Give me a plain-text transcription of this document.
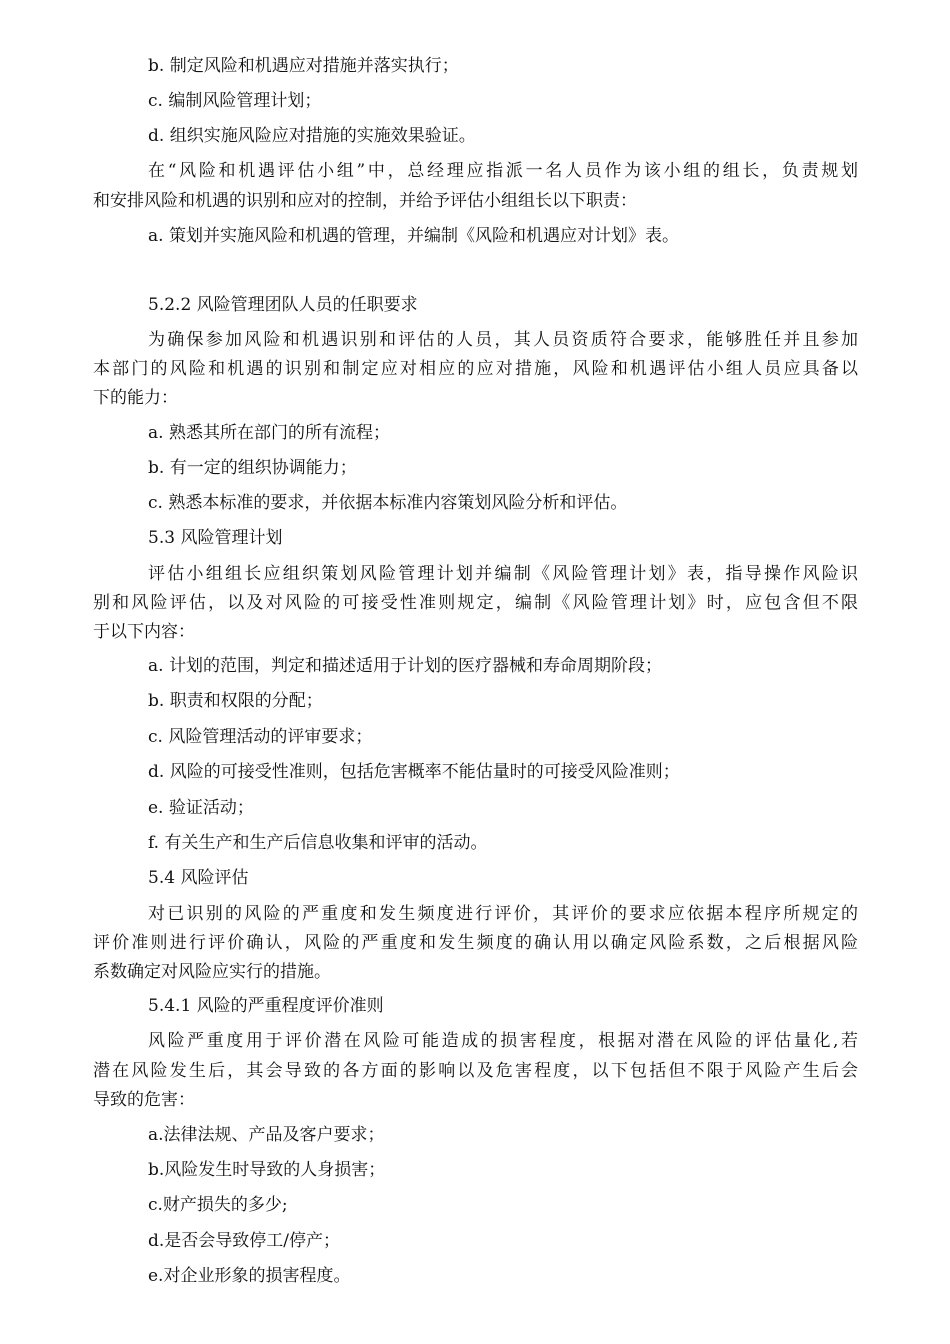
b. 制定风险和机遇应对措施并落实执行；
c. 编制风险管理计划；
d. 组织实施风险应对措施的实施效果验证。
在“风险和机遇评估小组”中，总经理应指派一名人员作为该小组的组长，负责规划
和安排风险和机遇的识别和应对的控制，并给予评估小组组长以下职责：
a. 策划并实施风险和机遇的管理，并编制《风险和机遇应对计划》表。
5.2.2 风险管理团队人员的任职要求
为确保参加风险和机遇识别和评估的人员，其人员资质符合要求，能够胜任并且参加
本部门的风险和机遇的识别和制定应对相应的应对措施，风险和机遇评估小组人员应具备以
下的能力：
a. 熟悉其所在部门的所有流程；
b. 有一定的组织协调能力；
c. 熟悉本标准的要求，并依据本标准内容策划风险分析和评估。
5.3 风险管理计划
评估小组组长应组织策划风险管理计划并编制《风险管理计划》表，指导操作风险识
别和风险评估，以及对风险的可接受性准则规定，编制《风险管理计划》时，应包含但不限
于以下内容：
a. 计划的范围，判定和描述适用于计划的医疗器械和寿命周期阶段；
b. 职责和权限的分配；
c. 风险管理活动的评审要求；
d. 风险的可接受性准则，包括危害概率不能估量时的可接受风险准则；
e. 验证活动；
f. 有关生产和生产后信息收集和评审的活动。
5.4 风险评估
对已识别的风险的严重度和发生频度进行评价，其评价的要求应依据本程序所规定的
评价准则进行评价确认，风险的严重度和发生频度的确认用以确定风险系数，之后根据风险
系数确定对风险应实行的措施。
5.4.1 风险的严重程度评价准则
风险严重度用于评价潜在风险可能造成的损害程度，根据对潜在风险的评估量化,若
潜在风险发生后，其会导致的各方面的影响以及危害程度，以下包括但不限于风险产生后会
导致的危害：
a.法律法规、产品及客户要求；
b.风险发生时导致的人身损害；
c.财产损失的多少;
d.是否会导致停工/停产；
e.对企业形象的损害程度。
